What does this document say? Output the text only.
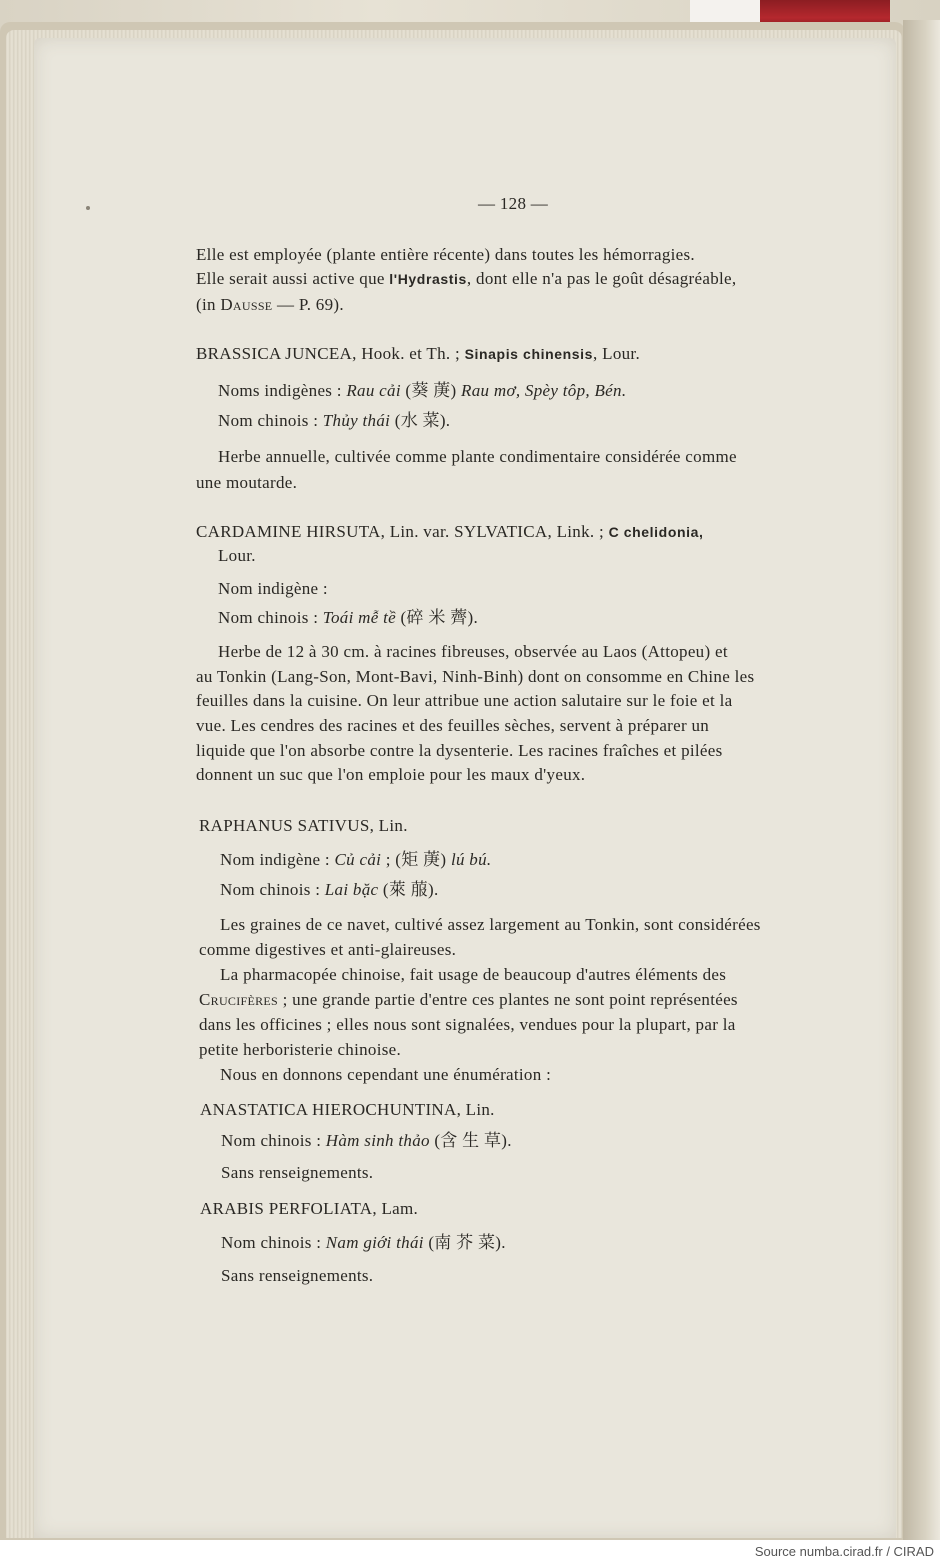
— 128 —
Elle est employée (plante entière récente) dans toutes les hémorragies.
Elle serait aussi active que l'Hydrastis, dont elle n'a pas le goût désagréable,
(in Dausse — P. 69).
BRASSICA JUNCEA, Hook. et Th. ; Sinapis chinensis, Lour.
Noms indigènes : Rau cải (葵 菮) Rau mơ, Spèy tôp, Bén.
Nom chinois : Thủy thái (水 菜).
Herbe annuelle, cultivée comme plante condimentaire considérée comme
une moutarde.
CARDAMINE HIRSUTA, Lin. var. SYLVATICA, Link. ; C chelidonia,
Lour.
Nom indigène :
Nom chinois : Toái mễ tề (碎 米 薺).
Herbe de 12 à 30 cm. à racines fibreuses, observée au Laos (Attopeu) et
au Tonkin (Lang-Son, Mont-Bavi, Ninh-Binh) dont on consomme en Chine les
feuilles dans la cuisine. On leur attribue une action salutaire sur le foie et la
vue. Les cendres des racines et des feuilles sèches, servent à préparer un
liquide que l'on absorbe contre la dysenterie. Les racines fraîches et pilées
donnent un suc que l'on emploie pour les maux d'yeux.
RAPHANUS SATIVUS, Lin.
Nom indigène : Củ cải ; (矩 菮) lú bú.
Nom chinois : Lai bặc (萊 菔).
Les graines de ce navet, cultivé assez largement au Tonkin, sont considérées
comme digestives et anti-glaireuses.
La pharmacopée chinoise, fait usage de beaucoup d'autres éléments des
Crucifères ; une grande partie d'entre ces plantes ne sont point représentées
dans les officines ; elles nous sont signalées, vendues pour la plupart, par la
petite herboristerie chinoise.
Nous en donnons cependant une énumération :
ANASTATICA HIEROCHUNTINA, Lin.
Nom chinois : Hàm sinh thảo (含 生 草).
Sans renseignements.
ARABIS PERFOLIATA, Lam.
Nom chinois : Nam giới thái (南 芥 菜).
Sans renseignements.
Source numba.cirad.fr / CIRAD
